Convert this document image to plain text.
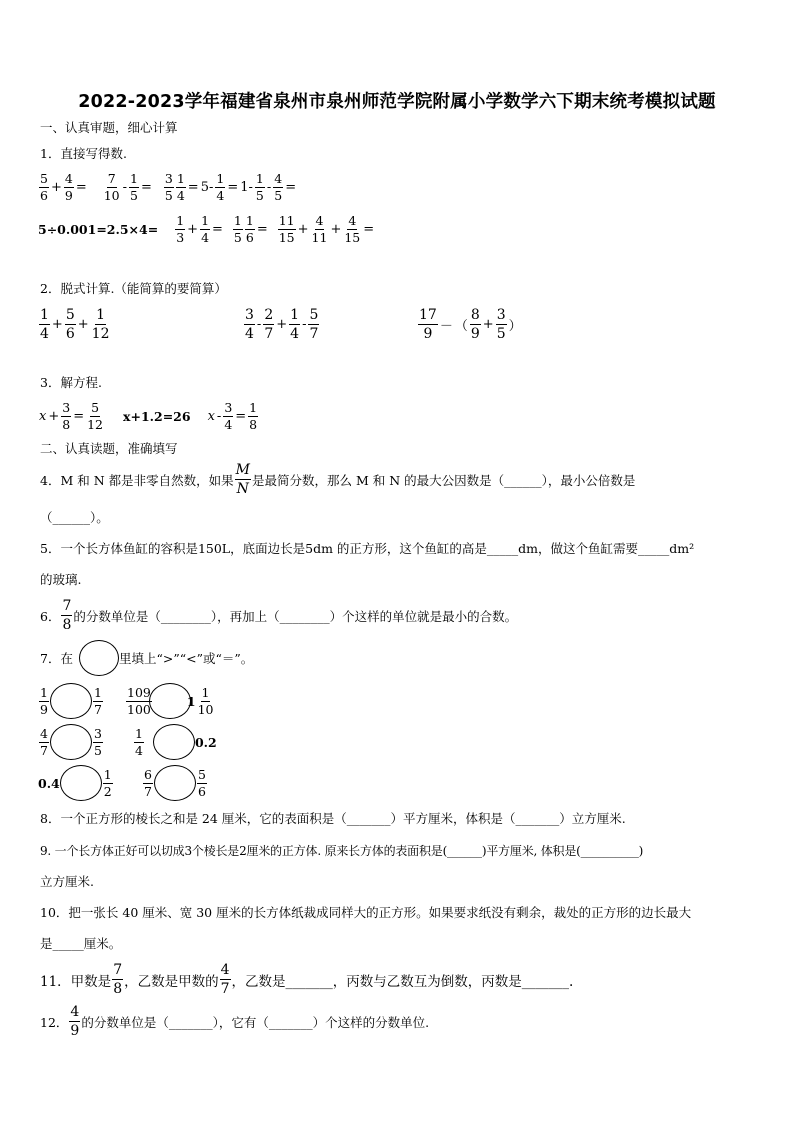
2022-2023学年福建省泉州市泉州师范学院附属小学数学六下期末统考模拟试题
一、认真审题，细心计算
1．直接写得数.
5
6
+ $\frac{4}{9}$ =
7
10
- $\frac{1}{5}$ =
3
$5 \frac{1}{4} = 5- \frac{1}{4} = 1-$
1
5
- $\frac{4}{5}$ =
5÷0.001= 2.5×4=
1
3
+ $\frac{1}{4}$ =
1
$5 \frac{1}{6}$ =
11
15
+ $\frac{4}{11} + \frac{4}{15}$ =
2．脱式计算.（能简算的要简算）
1
4
+ $\frac{5}{6} + \frac{1}{12}$	3
4
-
2
7
+ $\frac{1}{4}$ -
5
7
17
9 － （
8
9
+ $\frac{3}{5}$ ）
3．解方程.
$x + \frac{3}{8} = \frac{5}{12} x+1.2=26$ $x - \frac{3}{4} = \frac{1}{8}$
二、认真读题，准确填写
4．M 和 N 都是非零自然数，如果
M
N
是最简分数，那么 M 和 N 的最大公因数是（______），最小公倍数是
（______）。
5．一个长方体鱼缸的容积是150L，底面边长是5dm 的正方形，这个鱼缸的高是_____dm，做这个鱼缸需要_____dm²
的玻璃.
6．
7
8
的分数单位是（________），再加上（________）个这样的单位就是最小的合数。
7．在	里填上“>”“<”或“＝”。
1
9
1
7
109
100
1
1
10
4
7
3
5
1
4
0.2
0.4
1
2
6
7
5
6
8．一个正方形的棱长之和是 24 厘米，它的表面积是（_______）平方厘米，体积是（_______）立方厘米.
9. 一个长方体正好可以切成3个棱长是2厘米的正方体. 原来长方体的表面积是(______)平方厘米, 体积是(__________)
立方厘米.
10．把一张长 40 厘米、宽 30 厘米的长方体纸裁成同样大的正方形。如果要求纸没有剩余，裁处的正方形的边长最大
是_____厘米。
11．甲数是
7
8 ，乙数是甲数的
4
7 ，乙数是_______，丙数与乙数互为倒数，丙数是_______.
12．
4
9
的分数单位是（_______），它有（_______）个这样的分数单位.
